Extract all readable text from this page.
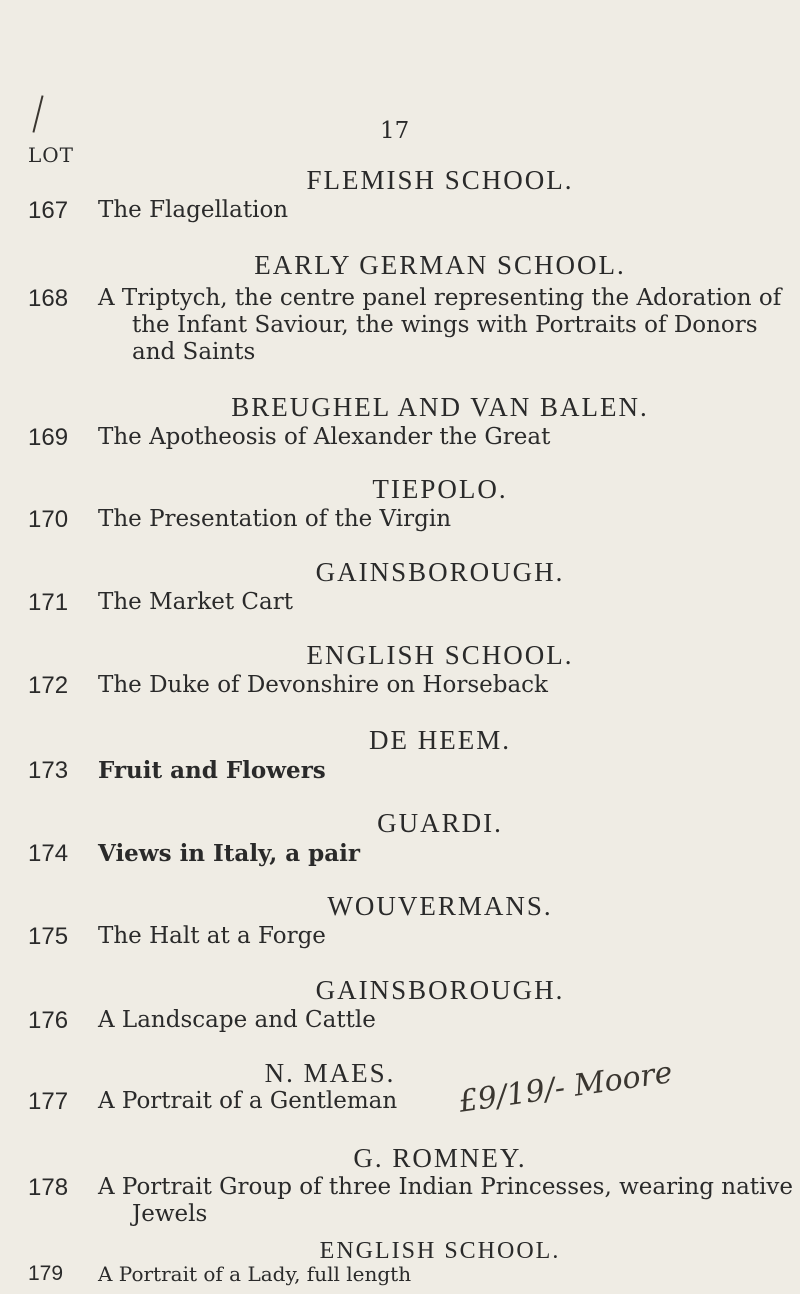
17
LOT
FLEMISH SCHOOL.
167 The Flagellation
EARLY GERMAN SCHOOL.
168 A Triptych, the centre panel representing the Adoration of
the Infant Saviour, the wings with Portraits of Donors
and Saints
BREUGHEL AND VAN BALEN.
169 The Apotheosis of Alexander the Great
TIEPOLO.
170 The Presentation of the Virgin
GAINSBOROUGH.
171 The Market Cart
ENGLISH SCHOOL.
172 The Duke of Devonshire on Horseback
DE HEEM.
173 Fruit and Flowers
GUARDI.
174 Views in Italy, a pair
WOUVERMANS.
175 The Halt at a Forge
GAINSBOROUGH.
176 A Landscape and Cattle
N. MAES.
177 A Portrait of a Gentleman £9/19/- Moore
G. ROMNEY.
178 A Portrait Group of three Indian Princesses, wearing native
Jewels
ENGLISH SCHOOL.
179 A Portrait of a Lady, full length
